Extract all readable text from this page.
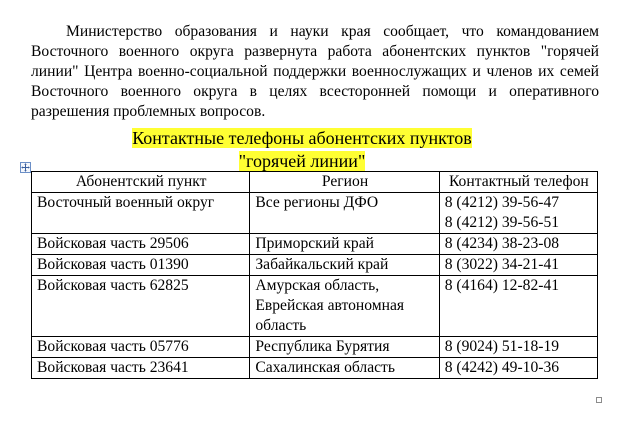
Министерство образования и науки края сообщает, что командованием Восточного военного округа развернута работа абонентских пунктов "горячей линии" Центра военно-социальной поддержки военнослужащих и членов их семей Восточного военного округа в целях всесторонней помощи и оперативного разрешения проблемных вопросов.

Контактные телефоны абонентских пунктов
"горячей линии"
Абонентский пункт	Регион	Контактный телефон
Восточный военный округ	Все регионы ДФО	8 (4212) 39-56-47
8 (4212) 39-56-51

Войсковая часть 29506	Приморский край	8 (4234) 38-23-08

Войсковая часть 01390	Забайкальский край	8 (3022) 34-21-41

Войсковая часть 62825	Амурская область, Еврейская автономная область	8 (4164) 12-82-41

Войсковая часть 05776	Республика Бурятия	8 (9024) 51-18-19

Войсковая часть 23641	Сахалинская область	8 (4242) 49-10-36
